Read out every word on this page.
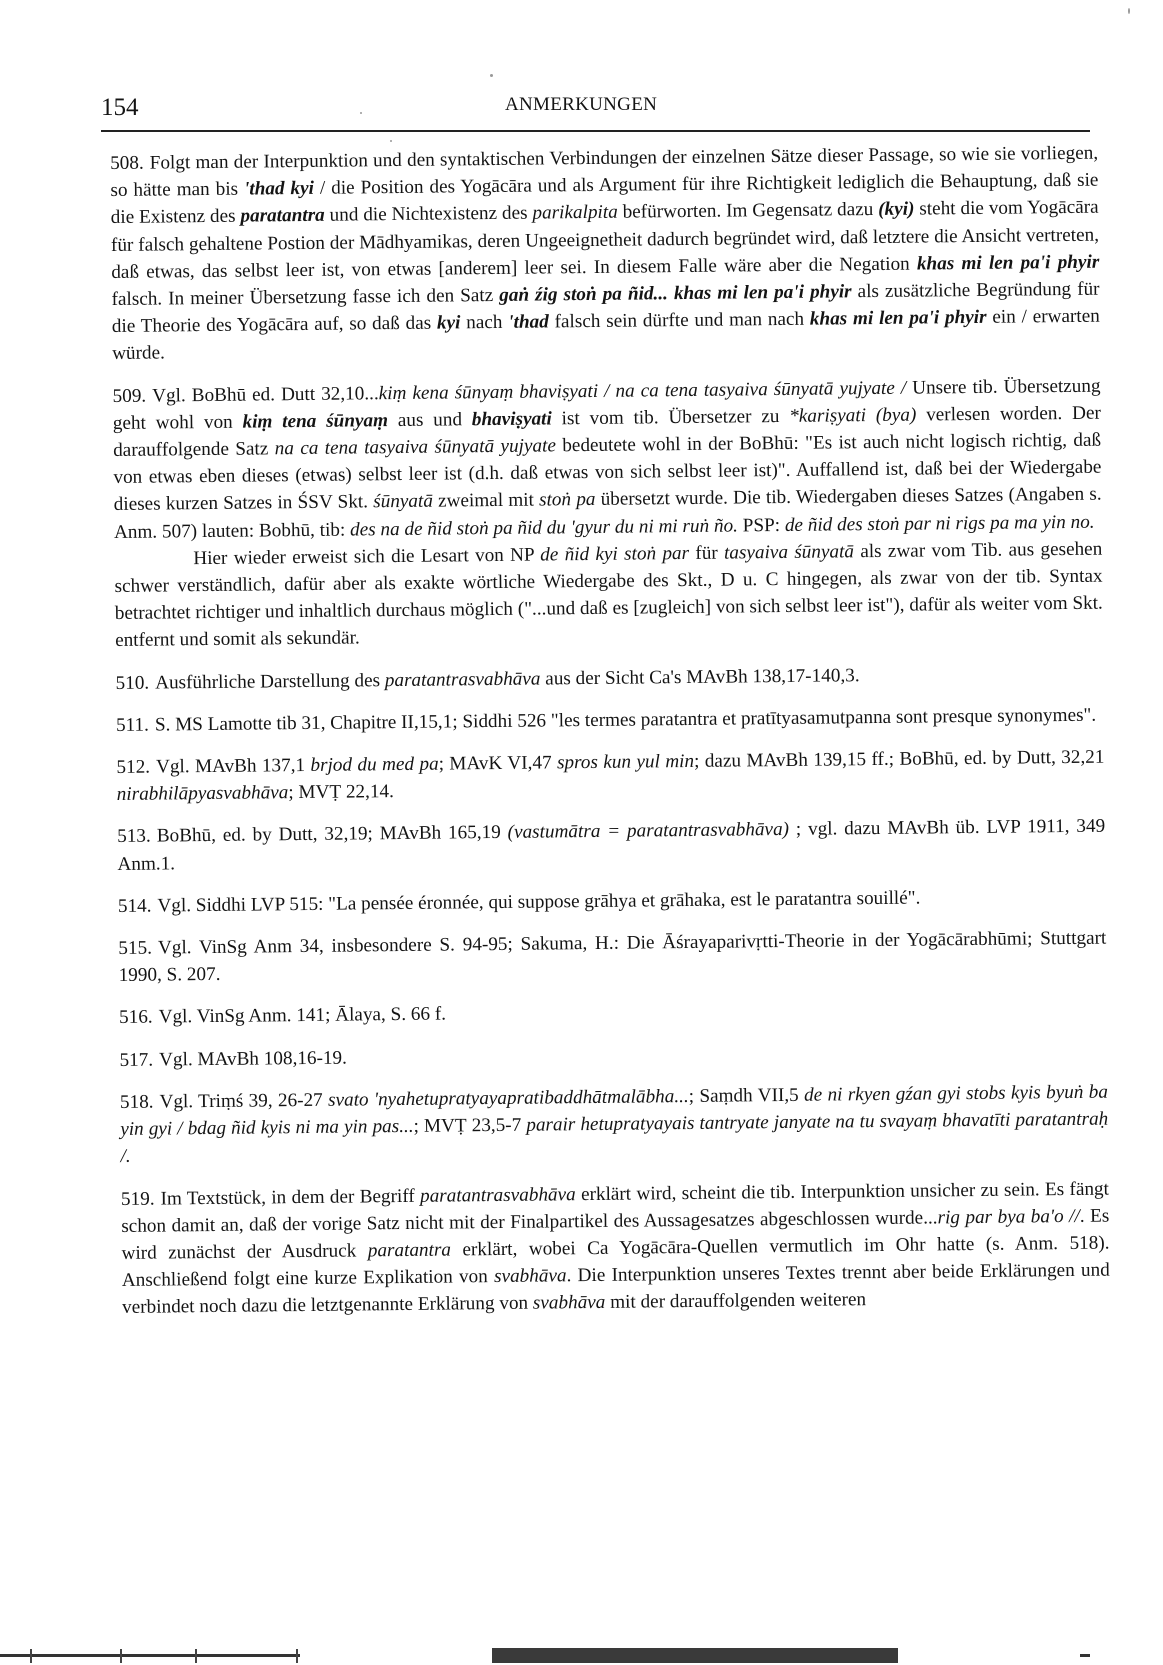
154	ANMERKUNGEN

508. Folgt man der Interpunktion und den syntaktischen Verbindungen der einzelnen Sätze dieser Passage, so wie sie vorliegen, so hätte man bis 'thad kyi / die Position des Yogācāra und als Argument für ihre Richtigkeit lediglich die Behauptung, daß sie die Existenz des paratantra und die Nichtexistenz des parikalpita befürworten. Im Gegensatz dazu (kyi) steht die vom Yogācāra für falsch gehaltene Postion der Mādhyamikas, deren Ungeeignetheit dadurch begründet wird, daß letztere die Ansicht vertreten, daß etwas, das selbst leer ist, von etwas [anderem] leer sei. In diesem Falle wäre aber die Negation khas mi len pa'i phyir falsch. In meiner Übersetzung fasse ich den Satz gaṅ źig stoṅ pa ñid... khas mi len pa'i phyir als zusätzliche Begründung für die Theorie des Yogācāra auf, so daß das kyi nach 'thad falsch sein dürfte und man nach khas mi len pa'i phyir ein / erwarten würde.

509. Vgl. BoBhū ed. Dutt 32,10...kiṃ kena śūnyaṃ bhaviṣyati / na ca tena tasyaiva śūnyatā yujyate / Unsere tib. Übersetzung geht wohl von kiṃ tena śūnyaṃ aus und bhaviṣyati ist vom tib. Übersetzer zu *kariṣyati (bya) verlesen worden. Der darauffolgende Satz na ca tena tasyaiva śūnyatā yujyate bedeutete wohl in der BoBhū: "Es ist auch nicht logisch richtig, daß von etwas eben dieses (etwas) selbst leer ist (d.h. daß etwas von sich selbst leer ist)". Auffallend ist, daß bei der Wiedergabe dieses kurzen Satzes in ŚSV Skt. śūnyatā zweimal mit stoṅ pa übersetzt wurde. Die tib. Wiedergaben dieses Satzes (Angaben s. Anm. 507) lauten: Bobhū, tib: des na de ñid stoṅ pa ñid du 'gyur du ni mi ruṅ ño. PSP: de ñid des stoṅ par ni rigs pa ma yin no.
Hier wieder erweist sich die Lesart von NP de ñid kyi stoṅ par für tasyaiva śūnyatā als zwar vom Tib. aus gesehen schwer verständlich, dafür aber als exakte wörtliche Wiedergabe des Skt., D u. C hingegen, als zwar von der tib. Syntax betrachtet richtiger und inhaltlich durchaus möglich ("...und daß es [zugleich] von sich selbst leer ist"), dafür als weiter vom Skt. entfernt und somit als sekundär.

510. Ausführliche Darstellung des paratantrasvabhāva aus der Sicht Ca's MAvBh 138,17-140,3.

511. S. MS Lamotte tib 31, Chapitre II,15,1; Siddhi 526 "les termes paratantra et pratītyasamutpanna sont presque synonymes".

512. Vgl. MAvBh 137,1 brjod du med pa; MAvK VI,47 spros kun yul min; dazu MAvBh 139,15 ff.; BoBhū, ed. by Dutt, 32,21 nirabhilāpyasvabhāva; MVṬ 22,14.

513. BoBhū, ed. by Dutt, 32,19; MAvBh 165,19 (vastumātra = paratantrasvabhāva) ; vgl. dazu MAvBh üb. LVP 1911, 349 Anm.1.

514. Vgl. Siddhi LVP 515: "La pensée éronnée, qui suppose grāhya et grāhaka, est le paratantra souillé".

515. Vgl. VinSg Anm 34, insbesondere S. 94-95; Sakuma, H.: Die Āśrayaparivṛtti-Theorie in der Yogācārabhūmi; Stuttgart 1990, S. 207.

516. Vgl. VinSg Anm. 141; Ālaya, S. 66 f.

517. Vgl. MAvBh 108,16-19.

518. Vgl. Triṃś 39, 26-27 svato 'nyahetupratyayapratibaddhātmalābha...; Saṃdh VII,5 de ni rkyen gźan gyi stobs kyis byuṅ ba yin gyi / bdag ñid kyis ni ma yin pas...; MVṬ 23,5-7 parair hetupratyayais tantryate janyate na tu svayaṃ bhavatīti paratantraḥ /.

519. Im Textstück, in dem der Begriff paratantrasvabhāva erklärt wird, scheint die tib. Interpunktion unsicher zu sein. Es fängt schon damit an, daß der vorige Satz nicht mit der Finalpartikel des Aussagesatzes abgeschlossen wurde...rig par bya ba'o //. Es wird zunächst der Ausdruck paratantra erklärt, wobei Ca Yogācāra-Quellen vermutlich im Ohr hatte (s. Anm. 518). Anschließend folgt eine kurze Explikation von svabhāva. Die Interpunktion unseres Textes trennt aber beide Erklärungen und verbindet noch dazu die letztgenannte Erklärung von svabhāva mit der darauffolgenden weiteren
